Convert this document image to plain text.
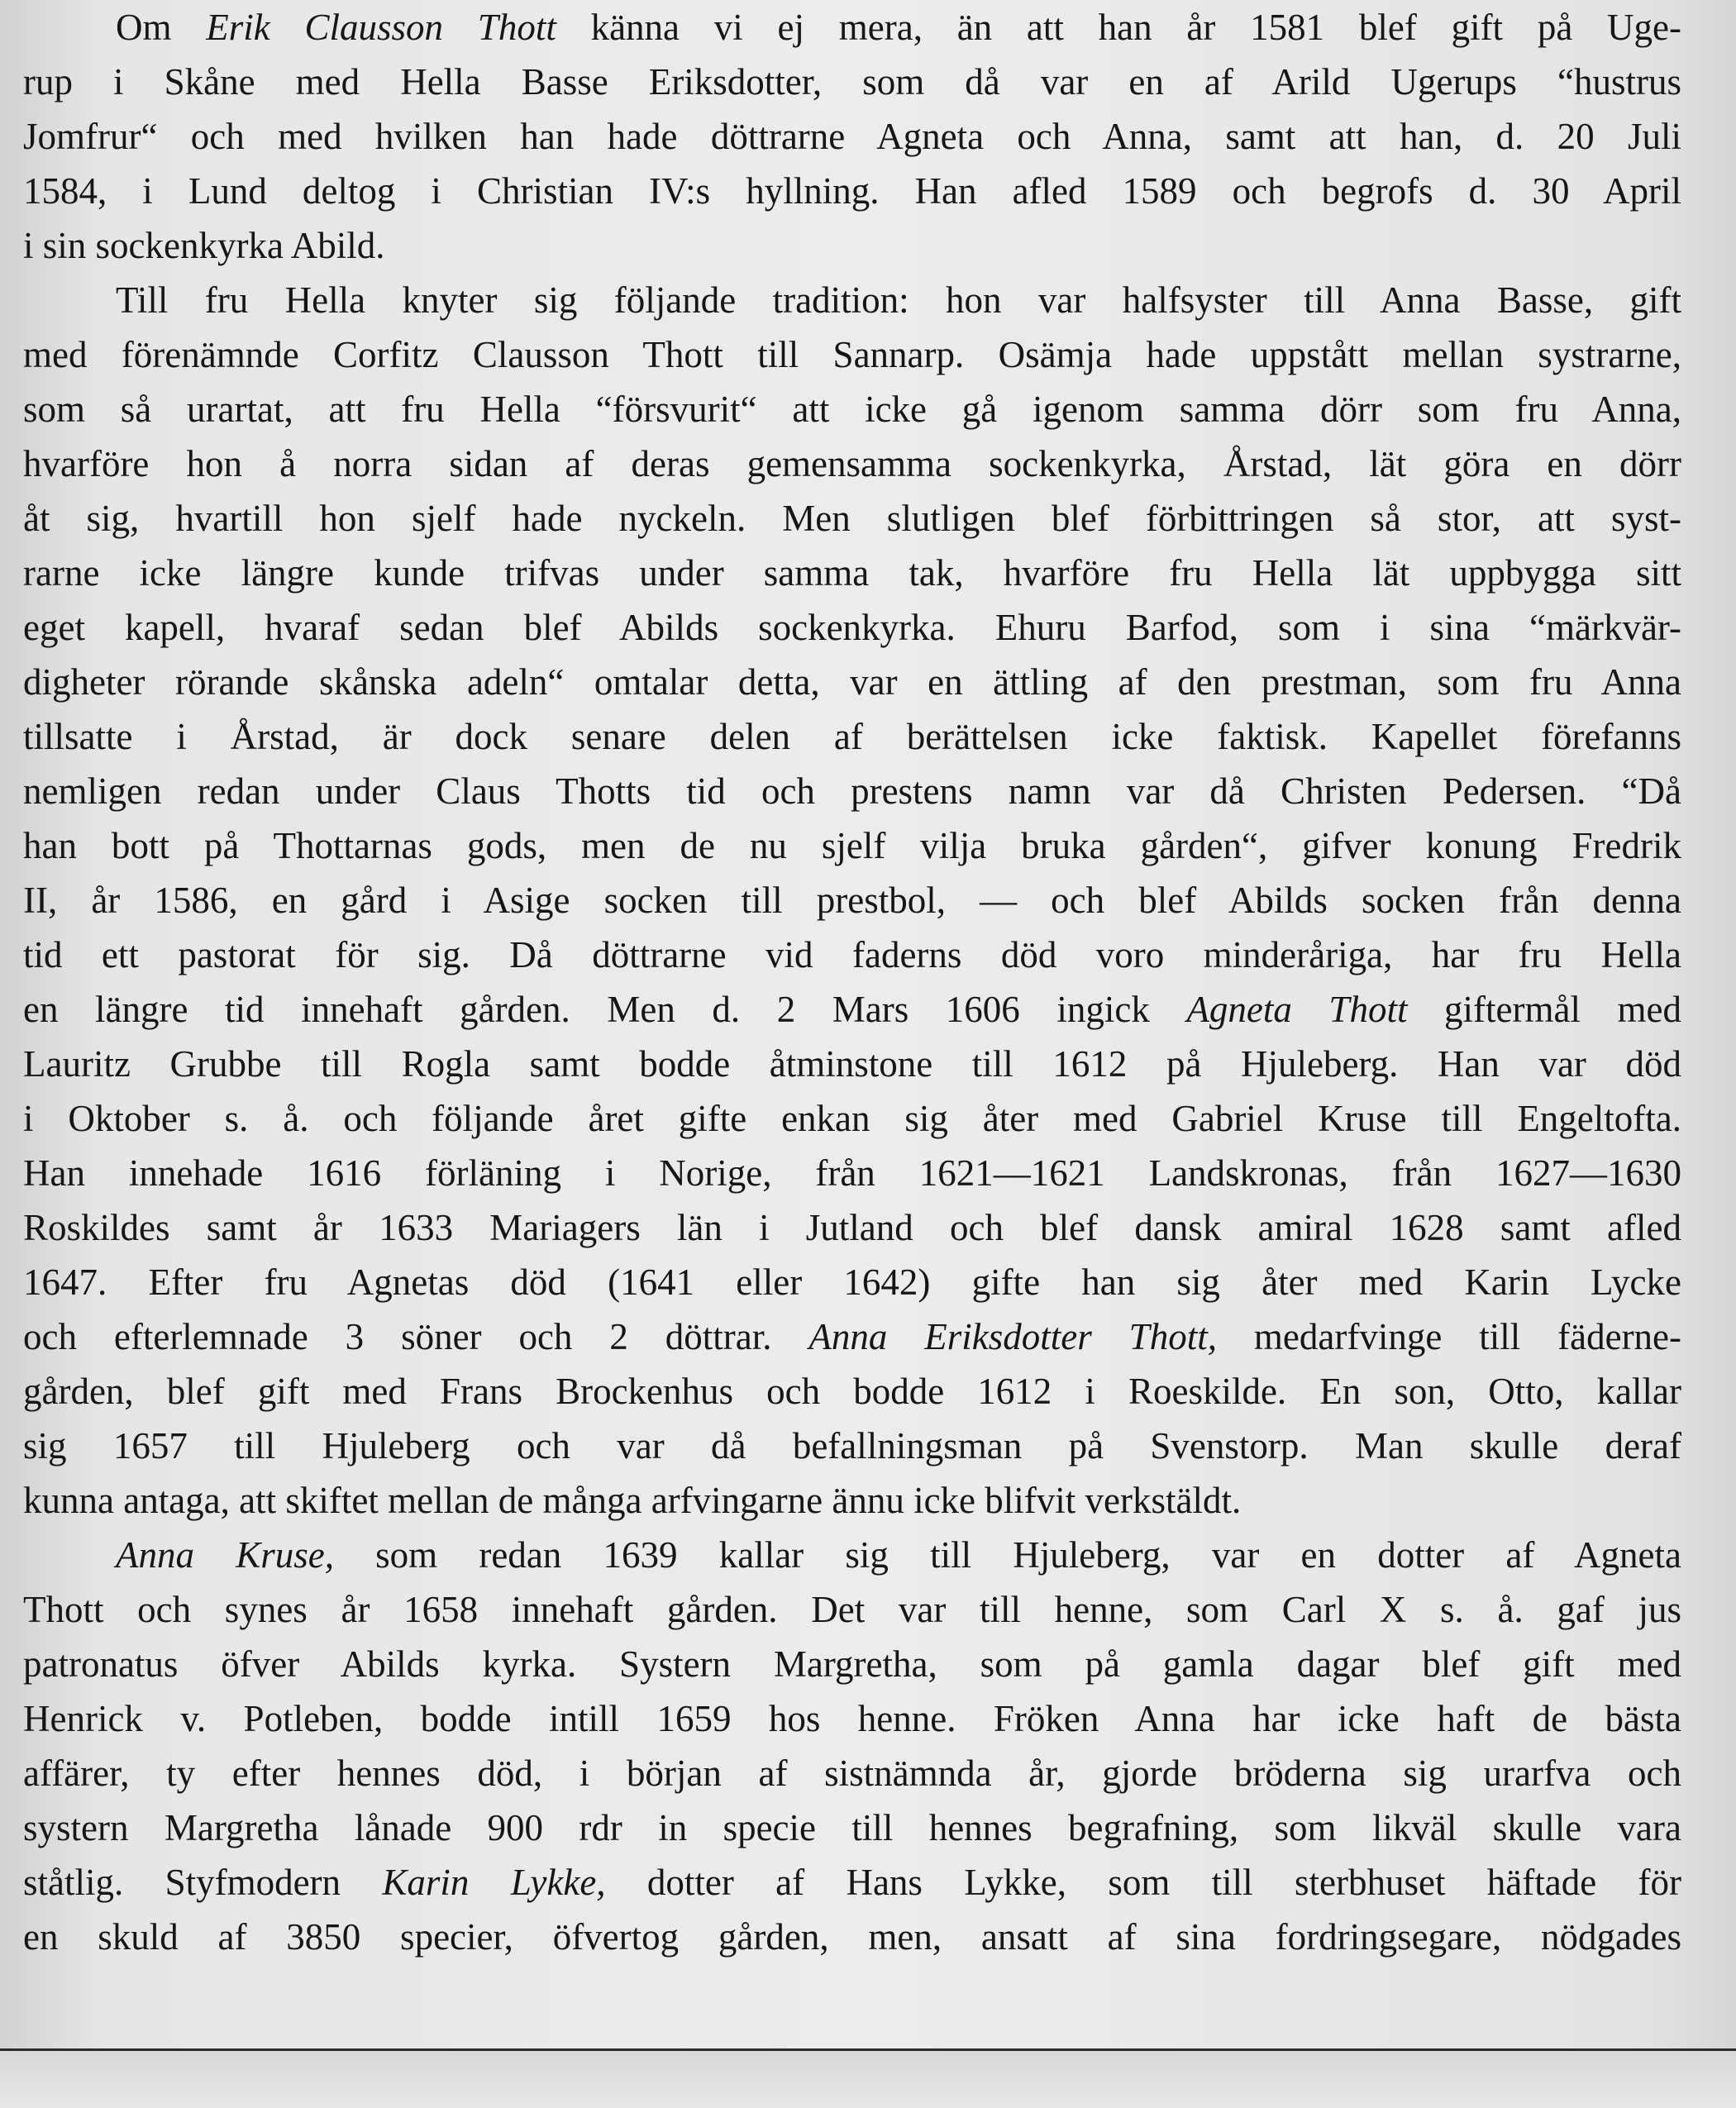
Om Erik Clausson Thott känna vi ej mera, än att han år 1581 blef gift på Uge-
rup i Skåne med Hella Basse Eriksdotter, som då var en af Arild Ugerups “hustrus
Jomfrur“ och med hvilken han hade döttrarne Agneta och Anna, samt att han, d. 20 Juli
1584, i Lund deltog i Christian IV:s hyllning. Han afled 1589 och begrofs d. 30 April
i sin sockenkyrka Abild.
Till fru Hella knyter sig följande tradition: hon var halfsyster till Anna Basse, gift
med förenämnde Corfitz Clausson Thott till Sannarp. Osämja hade uppstått mellan systrarne,
som så urartat, att fru Hella “försvurit“ att icke gå igenom samma dörr som fru Anna,
hvarföre hon å norra sidan af deras gemensamma sockenkyrka, Årstad, lät göra en dörr
åt sig, hvartill hon sjelf hade nyckeln. Men slutligen blef förbittringen så stor, att syst-
rarne icke längre kunde trifvas under samma tak, hvarföre fru Hella lät uppbygga sitt
eget kapell, hvaraf sedan blef Abilds sockenkyrka. Ehuru Barfod, som i sina “märkvär-
digheter rörande skånska adeln“ omtalar detta, var en ättling af den prestman, som fru Anna
tillsatte i Årstad, är dock senare delen af berättelsen icke faktisk. Kapellet förefanns
nemligen redan under Claus Thotts tid och prestens namn var då Christen Pedersen. “Då
han bott på Thottarnas gods, men de nu sjelf vilja bruka gården“, gifver konung Fredrik
II, år 1586, en gård i Asige socken till prestbol, — och blef Abilds socken från denna
tid ett pastorat för sig. Då döttrarne vid faderns död voro minderåriga, har fru Hella
en längre tid innehaft gården. Men d. 2 Mars 1606 ingick Agneta Thott giftermål med
Lauritz Grubbe till Rogla samt bodde åtminstone till 1612 på Hjuleberg. Han var död
i Oktober s. å. och följande året gifte enkan sig åter med Gabriel Kruse till Engeltofta.
Han innehade 1616 förläning i Norige, från 1621—1621 Landskronas, från 1627—1630
Roskildes samt år 1633 Mariagers län i Jutland och blef dansk amiral 1628 samt afled
1647. Efter fru Agnetas död (1641 eller 1642) gifte han sig åter med Karin Lycke
och efterlemnade 3 söner och 2 döttrar. Anna Eriksdotter Thott, medarfvinge till fäderne-
gården, blef gift med Frans Brockenhus och bodde 1612 i Roeskilde. En son, Otto, kallar
sig 1657 till Hjuleberg och var då befallningsman på Svenstorp. Man skulle deraf
kunna antaga, att skiftet mellan de många arfvingarne ännu icke blifvit verkstäldt.
Anna Kruse, som redan 1639 kallar sig till Hjuleberg, var en dotter af Agneta
Thott och synes år 1658 innehaft gården. Det var till henne, som Carl X s. å. gaf jus
patronatus öfver Abilds kyrka. Systern Margretha, som på gamla dagar blef gift med
Henrick v. Potleben, bodde intill 1659 hos henne. Fröken Anna har icke haft de bästa
affärer, ty efter hennes död, i början af sistnämnda år, gjorde bröderna sig urarfva och
systern Margretha lånade 900 rdr in specie till hennes begrafning, som likväl skulle vara
ståtlig. Styfmodern Karin Lykke, dotter af Hans Lykke, som till sterbhuset häftade för
en skuld af 3850 specier, öfvertog gården, men, ansatt af sina fordringsegare, nödgades
